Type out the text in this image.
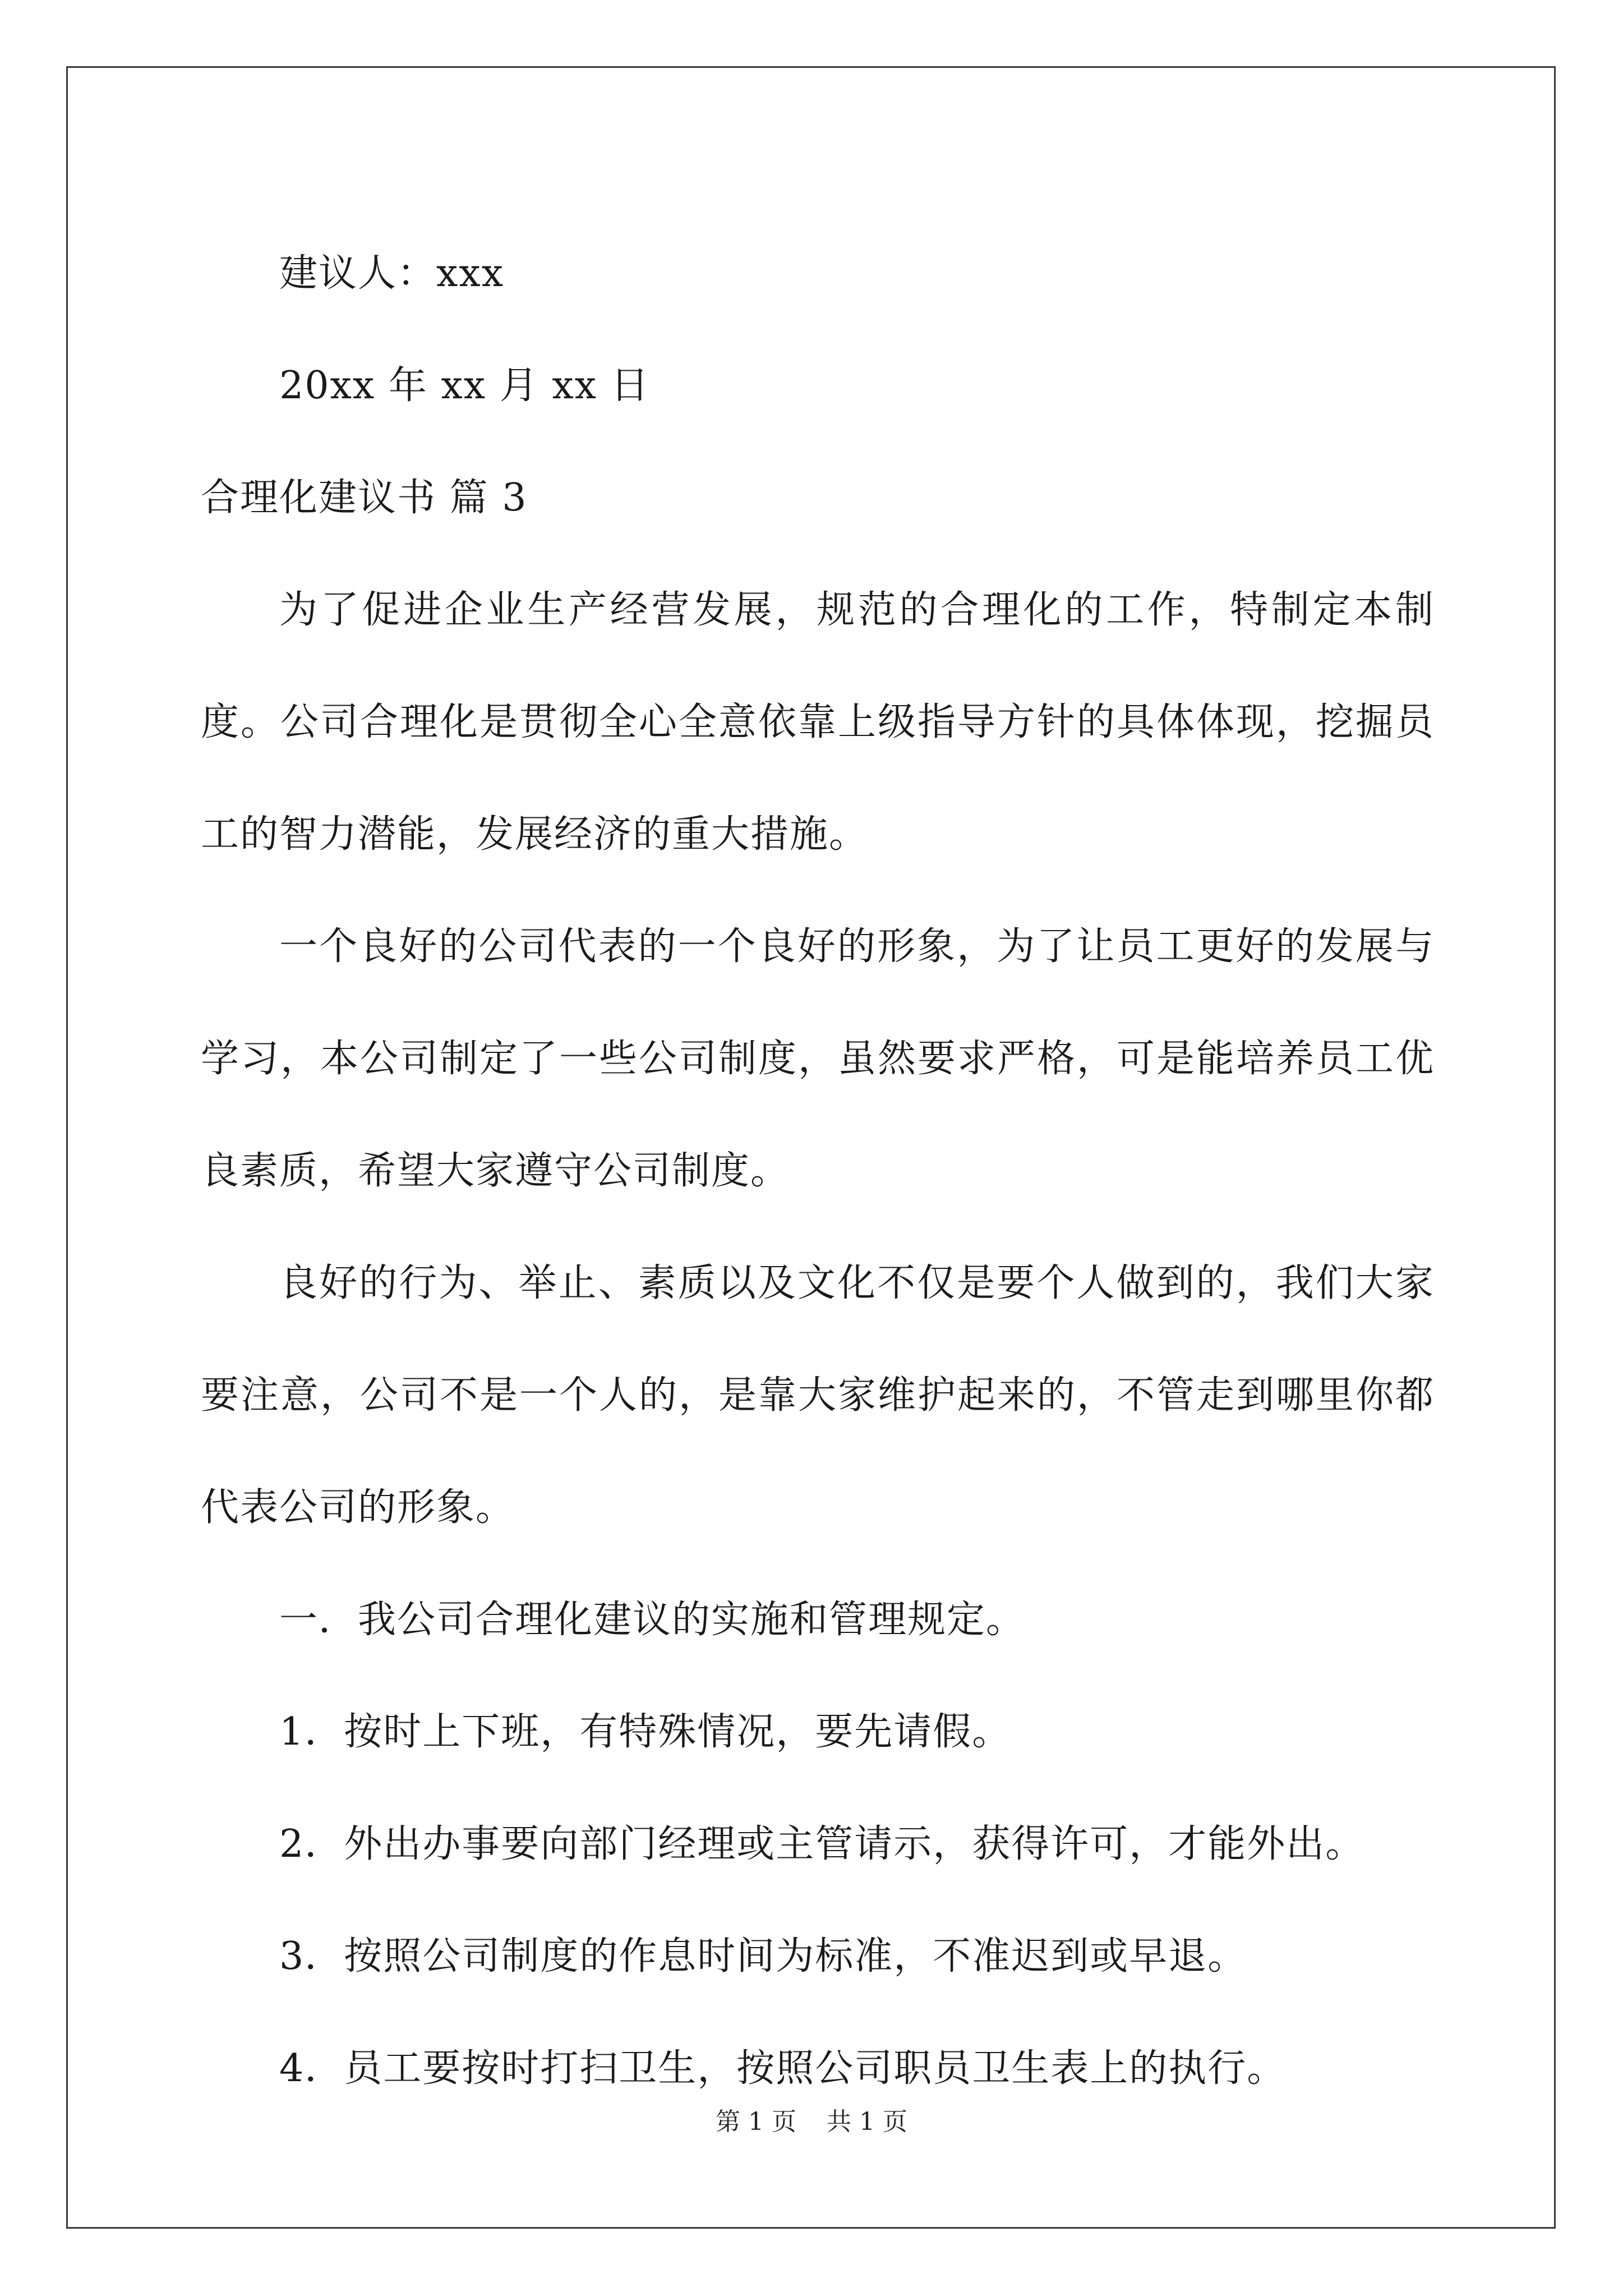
建议人：xxx
20xx 年 xx 月 xx 日
合理化建议书 篇 3

为了促进企业生产经营发展，规范的合理化的工作，特制定本制度。公司合理化是贯彻全心全意依靠上级指导方针的具体体现，挖掘员工的智力潜能，发展经济的重大措施。

一个良好的公司代表的一个良好的形象，为了让员工更好的发展与学习，本公司制定了一些公司制度，虽然要求严格，可是能培养员工优良素质，希望大家遵守公司制度。

良好的行为、举止、素质以及文化不仅是要个人做到的，我们大家要注意，公司不是一个人的，是靠大家维护起来的，不管走到哪里你都代表公司的形象。

一．我公司合理化建议的实施和管理规定。
1．按时上下班，有特殊情况，要先请假。
2．外出办事要向部门经理或主管请示，获得许可，才能外出。
3．按照公司制度的作息时间为标准，不准迟到或早退。
4．员工要按时打扫卫生，按照公司职员卫生表上的执行。
第 1 页 共 1 页
